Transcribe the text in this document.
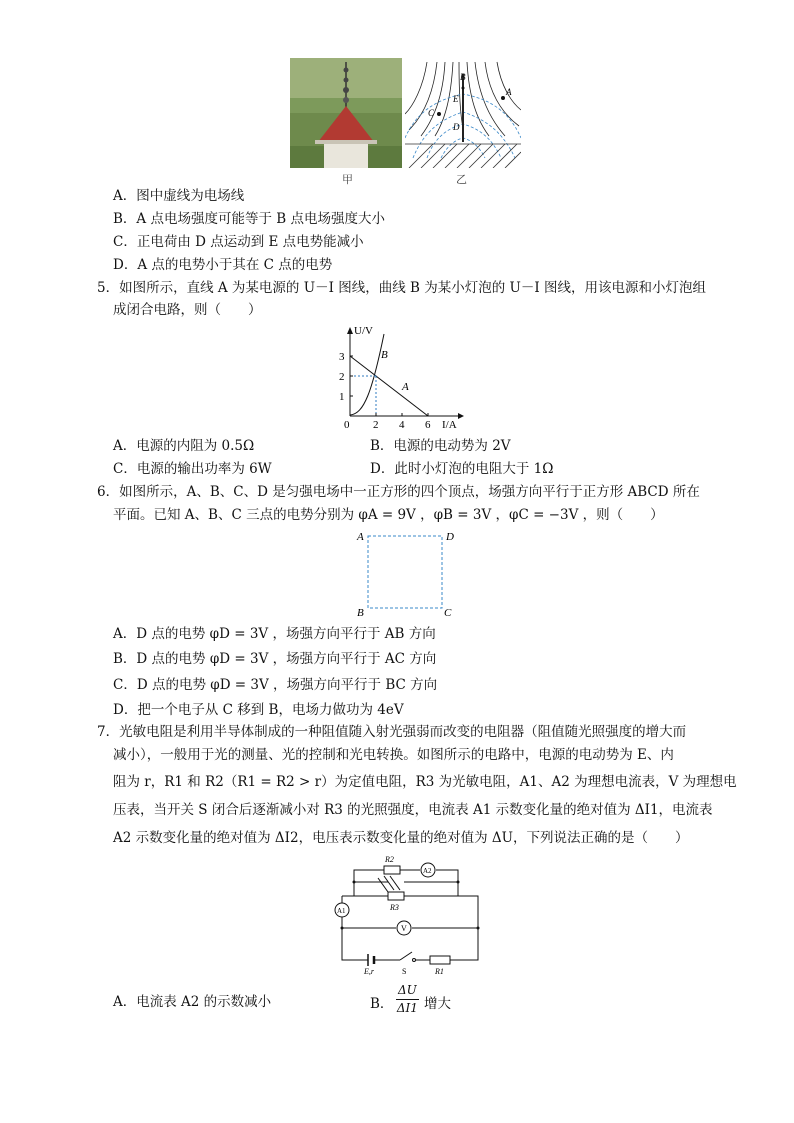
B
A
E
C
D
甲	乙
A．图中虚线为电场线
B．A 点电场强度可能等于 B 点电场强度大小
C．正电荷由 D 点运动到 E 点电势能减小
D．A 点的电势小于其在 C 点的电势
5．如图所示，直线 A 为某电源的 U－I 图线，曲线 B 为某小灯泡的 U－I 图线，用该电源和小灯泡组
成闭合电路，则（　　）
U/V
I/A
1
2
3
0 2 4 6
A
B
A．电源的内阻为 0.5Ω	B．电源的电动势为 2V
C．电源的输出功率为 6W	D．此时小灯泡的电阻大于 1Ω
6．如图所示，A、B、C、D 是匀强电场中一正方形的四个顶点，场强方向平行于正方形 ABCD 所在
平面。已知 A、B、C 三点的电势分别为 φA = 9V ，φB = 3V ，φC = −3V ，则（　　）
A	D
B	C
A．D 点的电势 φD = 3V ，场强方向平行于 AB 方向
B．D 点的电势 φD = 3V ，场强方向平行于 AC 方向
C．D 点的电势 φD = 3V ，场强方向平行于 BC 方向
D．把一个电子从 C 移到 B，电场力做功为 4eV
7．光敏电阻是利用半导体制成的一种阻值随入射光强弱而改变的电阻器（阻值随光照强度的增大而
减小），一般用于光的测量、光的控制和光电转换。如图所示的电路中，电源的电动势为 E、内
阻为 r，R1 和 R2（R1 = R2 > r）为定值电阻，R3 为光敏电阻，A1、A2 为理想电流表，V 为理想电
压表，当开关 S 闭合后逐渐减小对 R3 的光照强度，电流表 A1 示数变化量的绝对值为 ΔI1，电流表
A2 示数变化量的绝对值为 ΔI2，电压表示数变化量的绝对值为 ΔU，下列说法正确的是（　　）
R2
A2
R3
A1
V
E,r	S	R1
A．电流表 A2 的示数减小	B． $\frac{\Delta U}{\Delta I1}$ 增大
